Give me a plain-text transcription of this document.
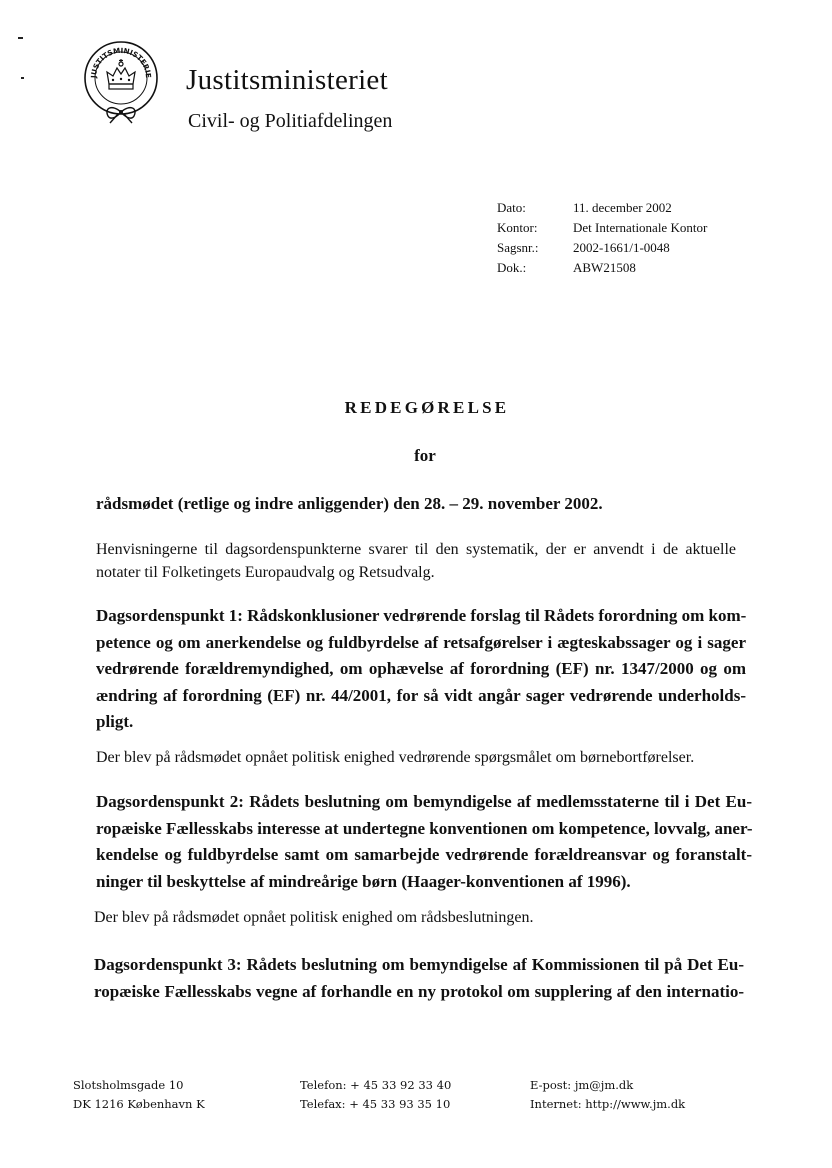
JUSTITSMINISTERIE Justitsministeriet
Civil- og Politiafdelingen
Dato:	11. december 2002
Kontor:	Det Internationale Kontor
Sagsnr.:	2002-1661/1-0048
Dok.:	ABW21508
REDEGØRELSE
for
rådsmødet (retlige og indre anliggender) den 28. – 29. november 2002.
Henvisningerne til dagsordenspunkterne svarer til den systematik, der er anvendt i de aktuelle
notater til Folketingets Europaudvalg og Retsudvalg.
Dagsordenspunkt 1: Rådskonklusioner vedrørende forslag til Rådets forordning om kom-
petence og om anerkendelse og fuldbyrdelse af retsafgørelser i ægteskabssager og i sager
vedrørende forældremyndighed, om ophævelse af forordning (EF) nr. 1347/2000 og om
ændring af forordning (EF) nr. 44/2001, for så vidt angår sager vedrørende underholds-
pligt.
Der blev på rådsmødet opnået politisk enighed vedrørende spørgsmålet om børnebortførelser.
Dagsordenspunkt 2: Rådets beslutning om bemyndigelse af medlemsstaterne til i Det Eu-
ropæiske Fællesskabs interesse at undertegne konventionen om kompetence, lovvalg, aner-
kendelse og fuldbyrdelse samt om samarbejde vedrørende forældreansvar og foranstalt-
ninger til beskyttelse af mindreårige børn (Haager-konventionen af 1996).
Der blev på rådsmødet opnået politisk enighed om rådsbeslutningen.
Dagsordenspunkt 3: Rådets beslutning om bemyndigelse af Kommissionen til på Det Eu-
ropæiske Fællesskabs vegne af forhandle en ny protokol om supplering af den internatio-
Slotsholmsgade 10
DK 1216 København K
Telefon: + 45 33 92 33 40
Telefax: + 45 33 93 35 10
E-post: jm@jm.dk
Internet: http://www.jm.dk
